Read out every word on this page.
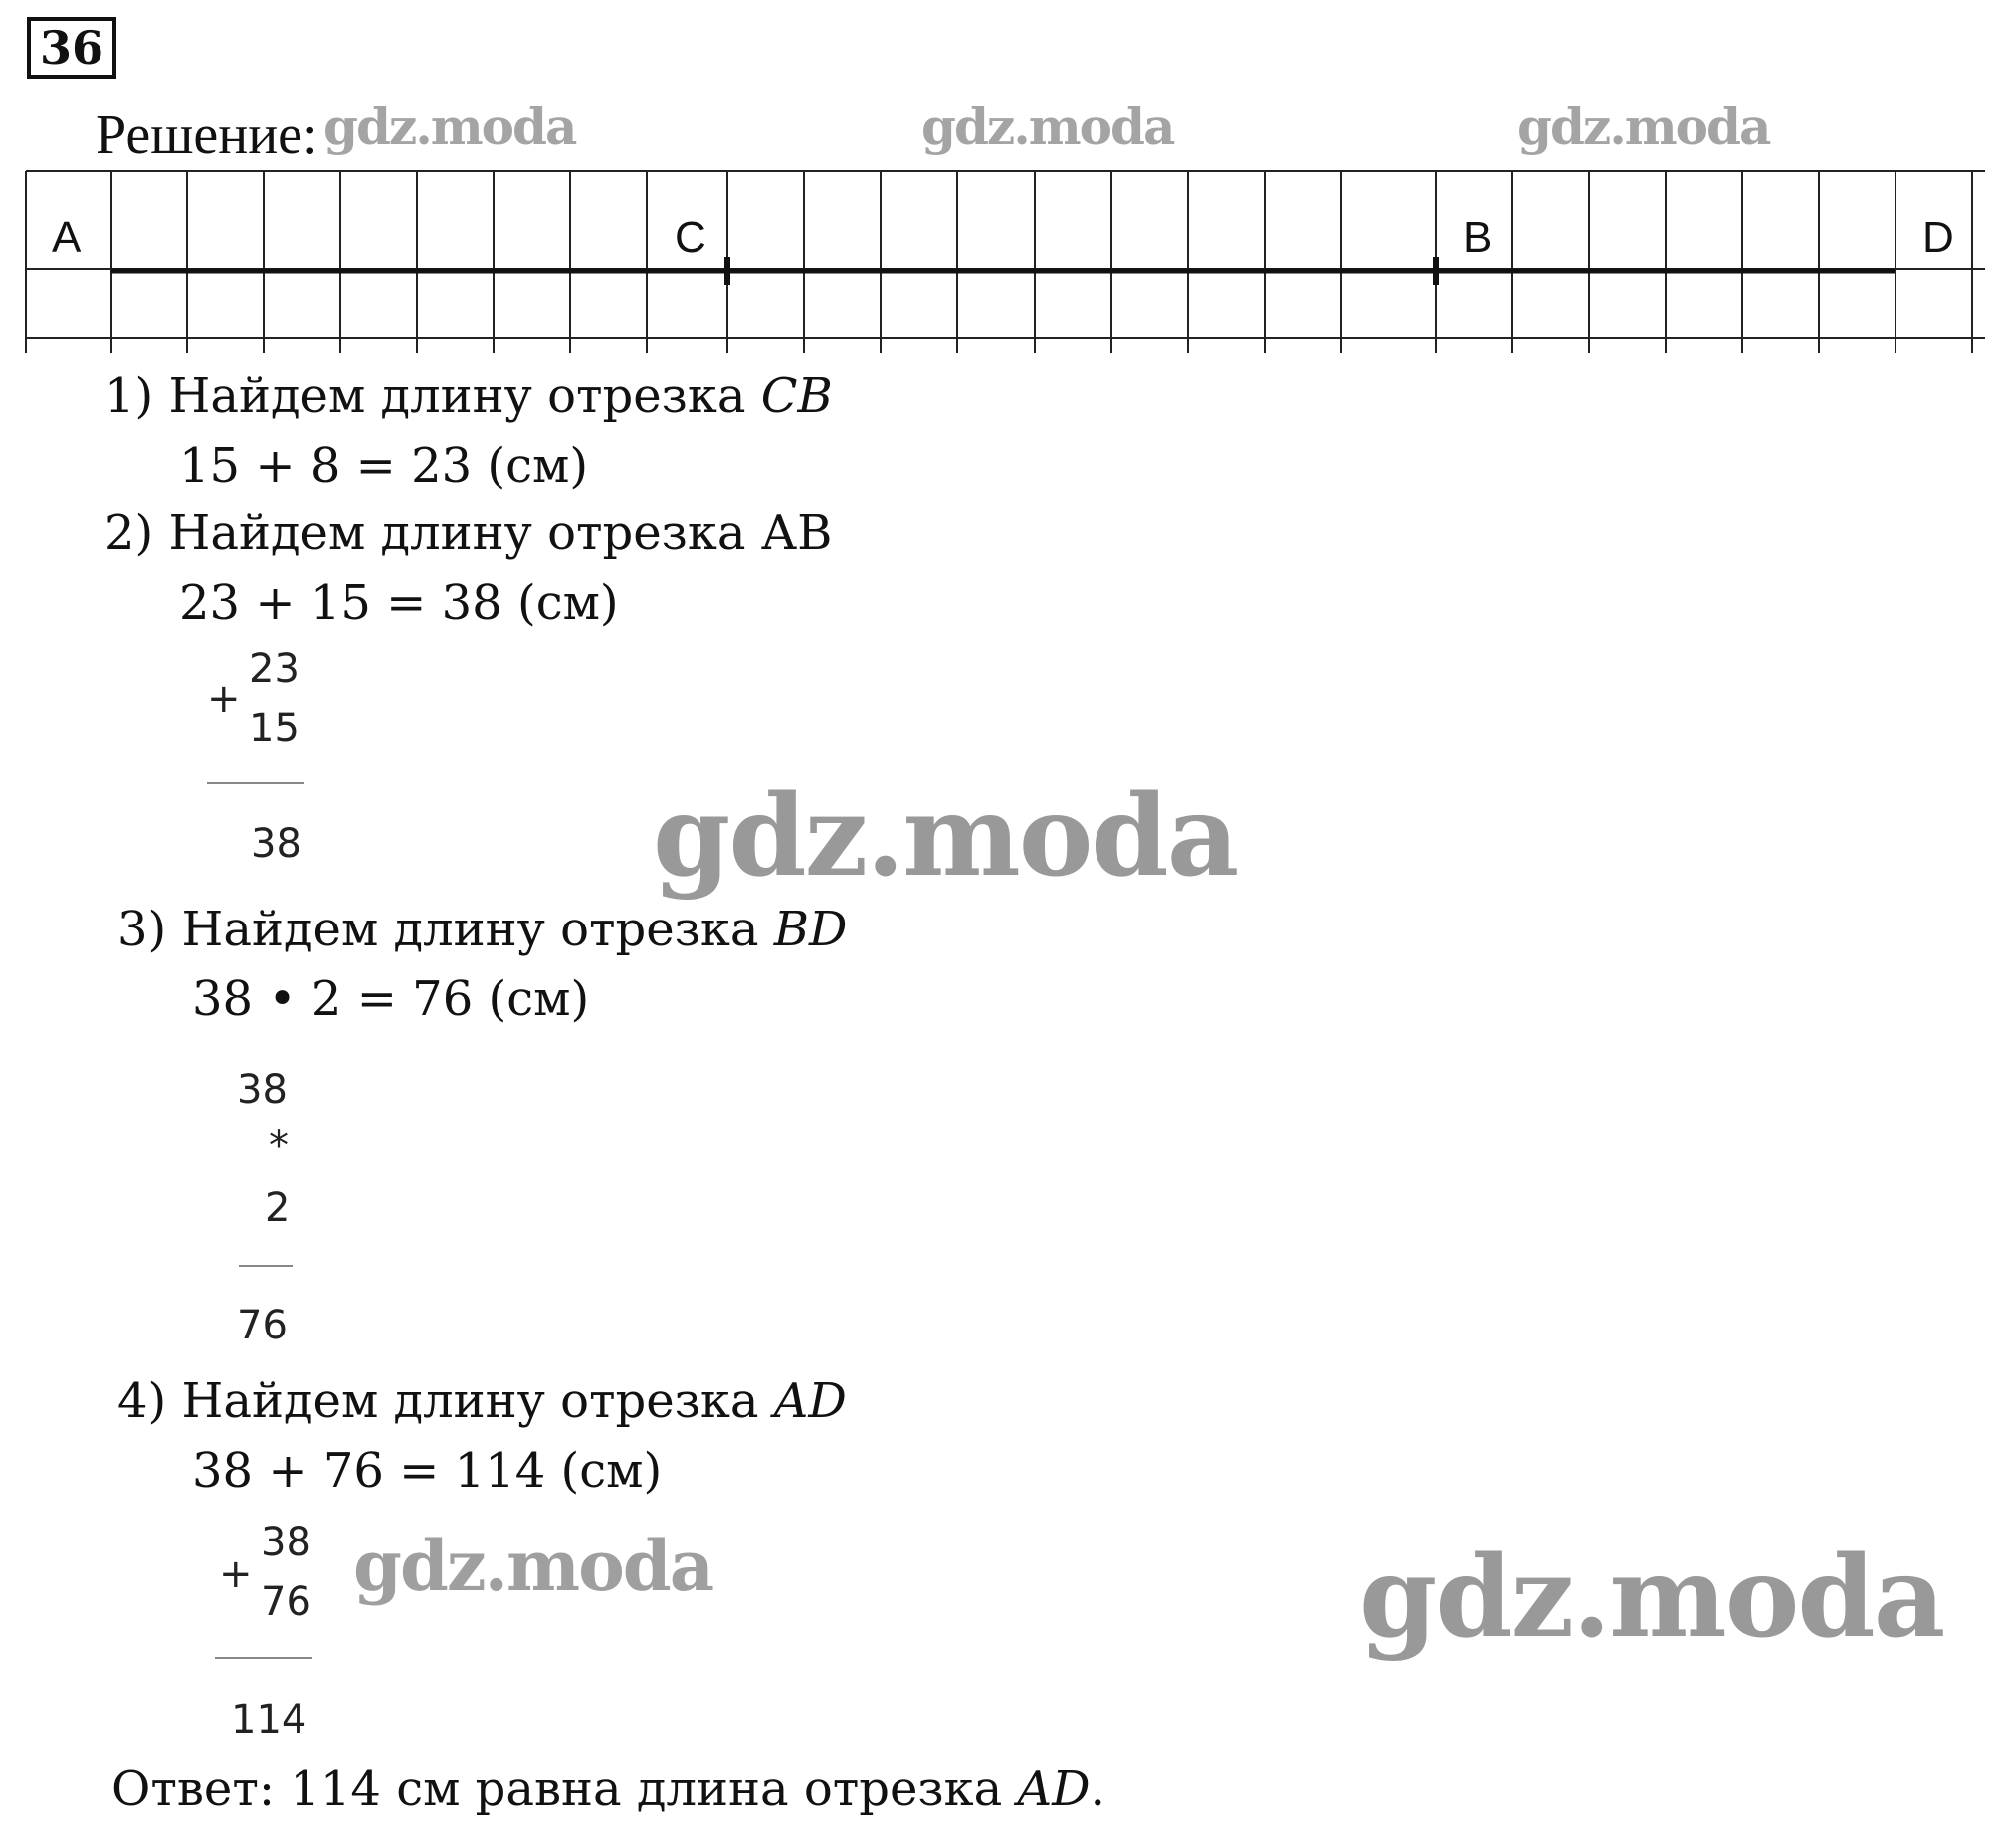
36
Решение: gdz.moda	gdz.moda	gdz.moda
A	C	B	D
1) Найдем длину отрезка CB
15 + 8 = 23 (см)
2) Найдем длину отрезка АВ
23 + 15 = 38 (см)
+
23
15
38	gdz.moda
3) Найдем длину отрезка BD
38 • 2 = 76 (см)
38
*
2
76
4) Найдем длину отрезка AD
38 + 76 = 114 (см)
+
38
76
114
gdz.moda	gdz.moda
Ответ: 114 см равна длина отрезка AD.
